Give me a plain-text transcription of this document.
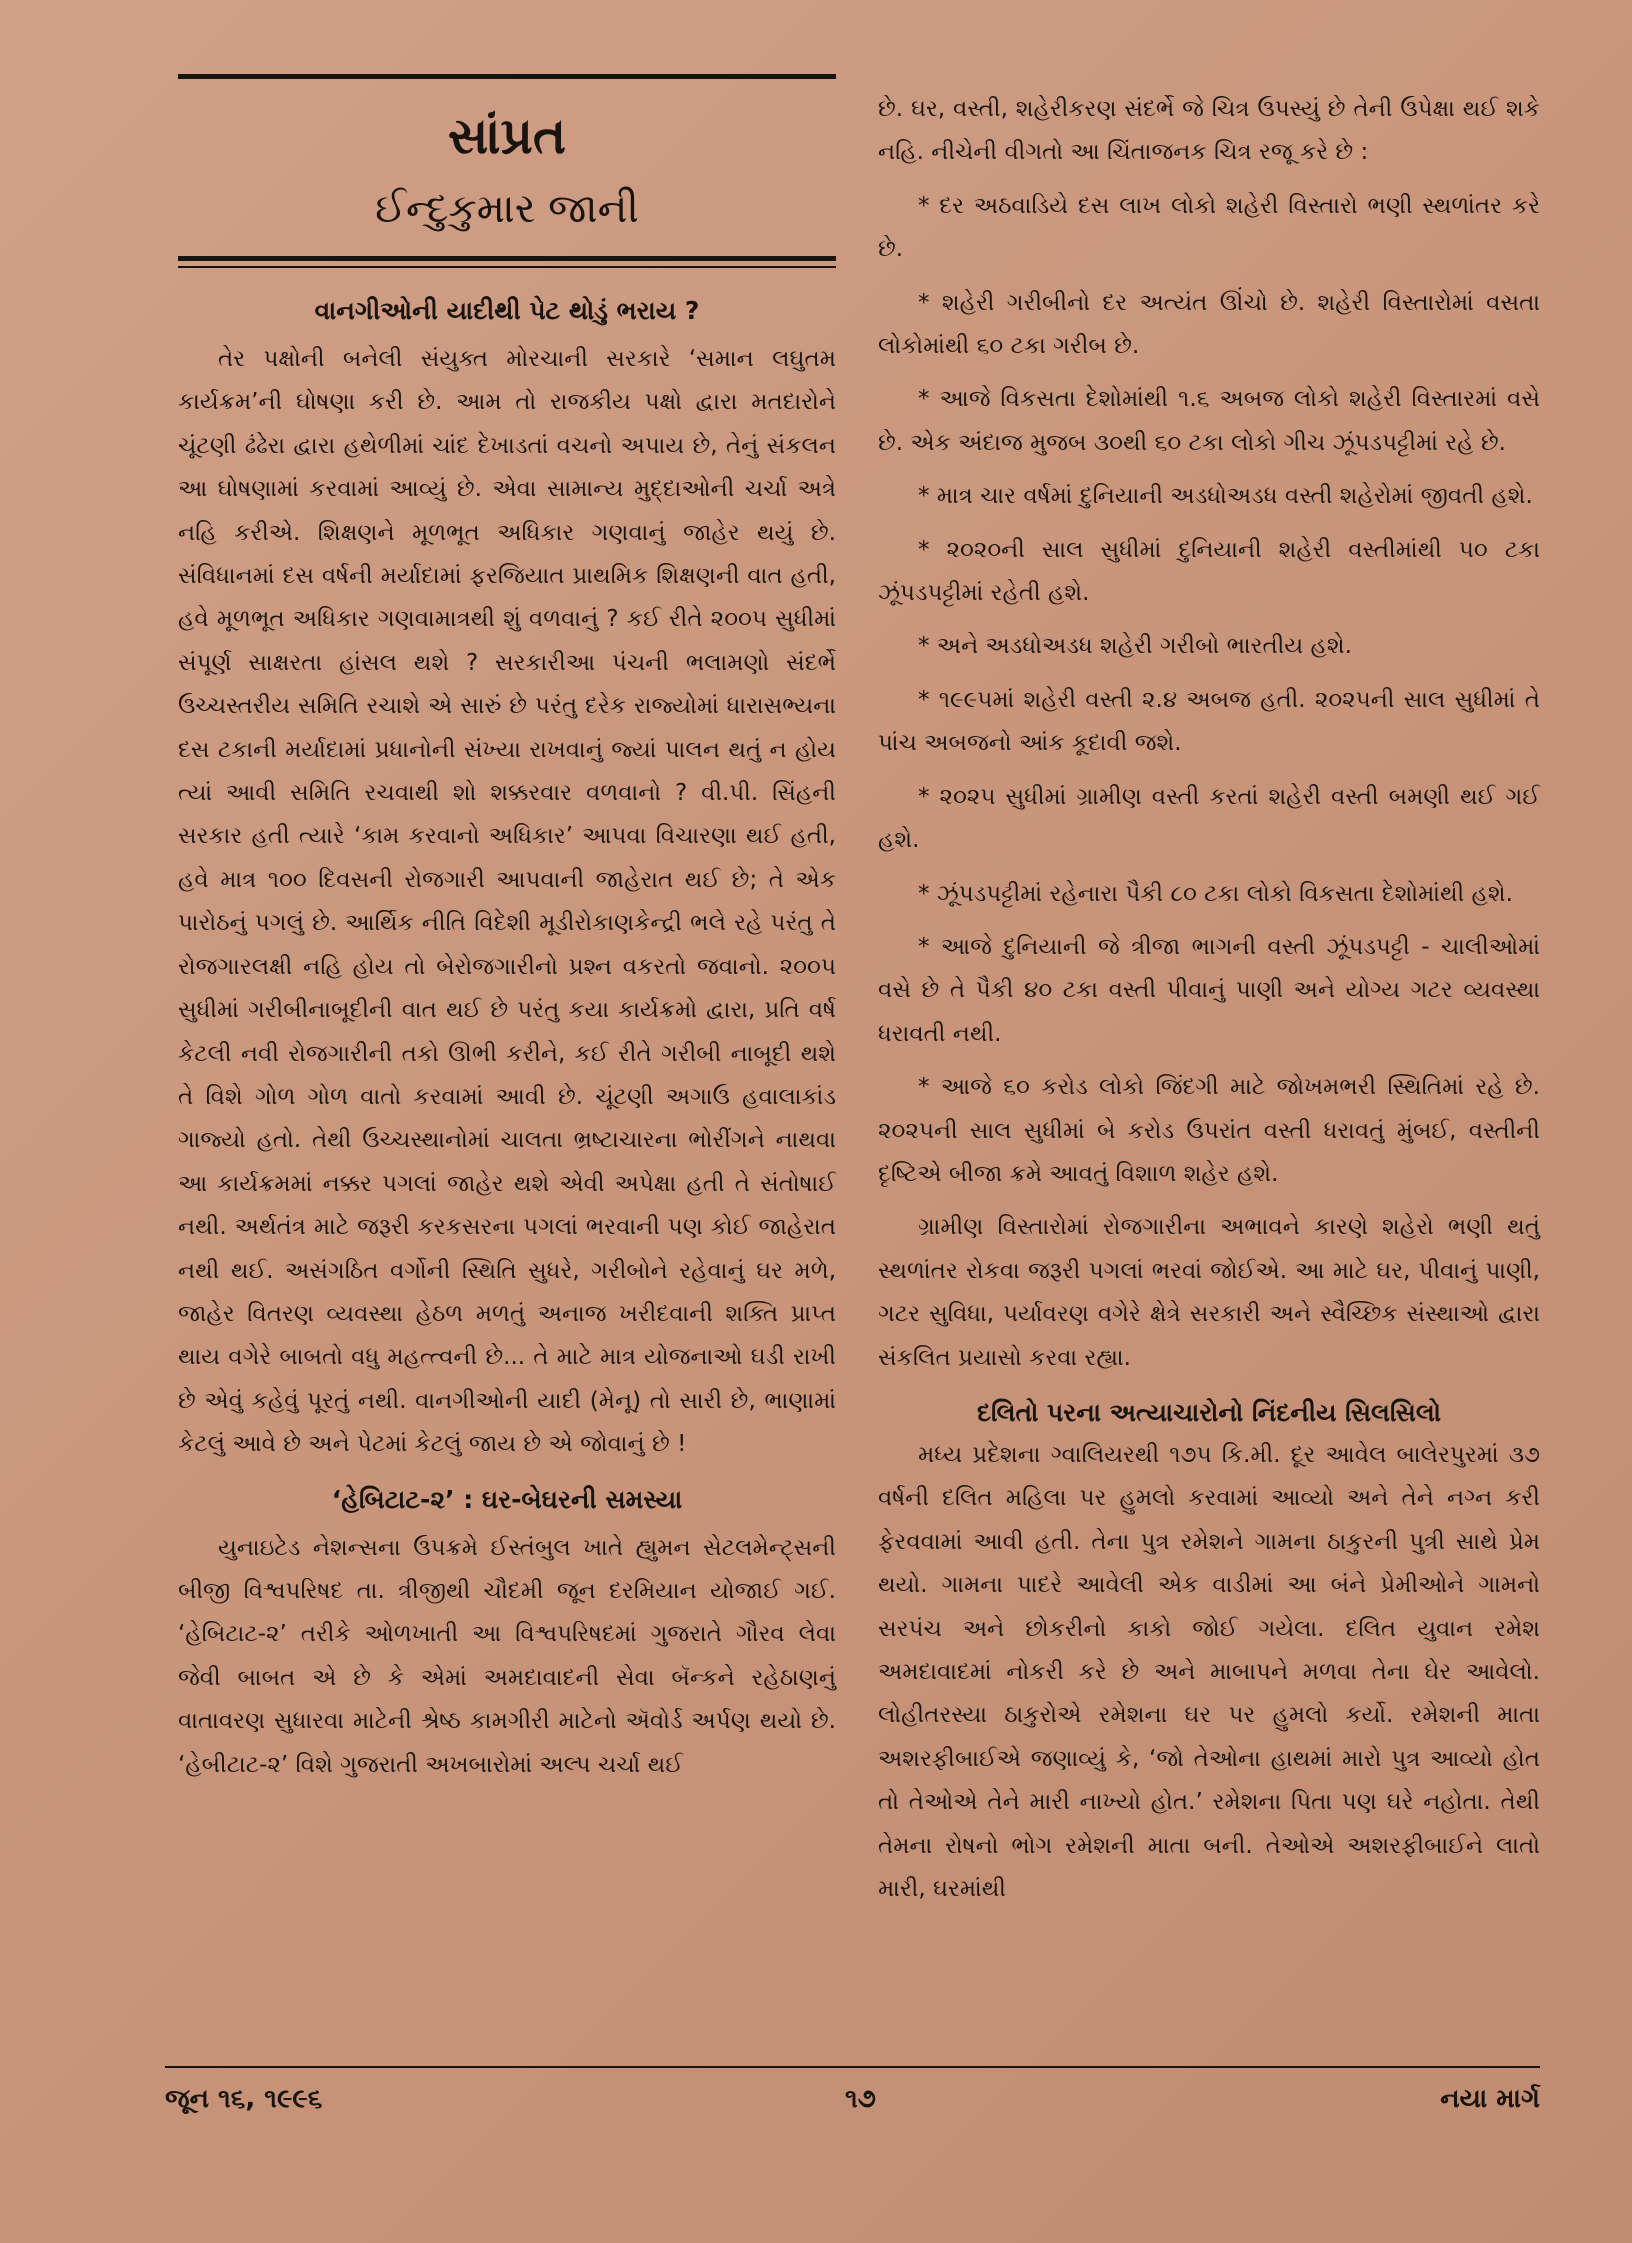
સાંપ્રત
ઈન્દુકુમાર જાની
વાનગીઓની યાદીથી પેટ થોડું ભરાય ?

તેર પક્ષોની બનેલી સંયુક્ત મોરચાની સરકારે ‘સમાન લઘુતમ કાર્યક્રમ’ની ઘોષણા કરી છે. આમ તો રાજકીય પક્ષો દ્વારા મતદારોને ચૂંટણી ઢંઢેરા દ્વારા હથેળીમાં ચાંદ દેખાડતાં વચનો અપાય છે, તેનું સંકલન આ ઘોષણામાં કરવામાં આવ્યું છે. એવા સામાન્ય મુદ્દાઓની ચર્ચા અત્રે નહિ કરીએ. શિક્ષણને મૂળભૂત અધિકાર ગણવાનું જાહેર થયું છે. સંવિધાનમાં દસ વર્ષની મર્યાદામાં ફરજિયાત પ્રાથમિક શિક્ષણની વાત હતી, હવે મૂળભૂત અધિકાર ગણવામાત્રથી શું વળવાનું ? કઈ રીતે ૨૦૦૫ સુધીમાં સંપૂર્ણ સાક્ષરતા હાંસલ થશે ? સરકારીઆ પંચની ભલામણો સંદર્ભે ઉચ્ચસ્તરીય સમિતિ રચાશે એ સારું છે પરંતુ દરેક રાજ્યોમાં ધારાસભ્યના દસ ટકાની મર્યાદામાં પ્રધાનોની સંખ્યા રાખવાનું જ્યાં પાલન થતું ન હોય ત્યાં આવી સમિતિ રચવાથી શો શક્કરવાર વળવાનો ? વી.પી. સિંહની સરકાર હતી ત્યારે ‘કામ કરવાનો અધિકાર’ આપવા વિચારણા થઈ હતી, હવે માત્ર ૧૦૦ દિવસની રોજગારી આપવાની જાહેરાત થઈ છે; તે એક પારોઠનું પગલું છે. આર્થિક નીતિ વિદેશી મૂડીરોકાણકેન્દ્રી ભલે રહે પરંતુ તે રોજગારલક્ષી નહિ હોય તો બેરોજગારીનો પ્રશ્ન વકરતો જવાનો. ૨૦૦૫ સુધીમાં ગરીબીનાબૂદીની વાત થઈ છે પરંતુ કયા કાર્યક્રમો દ્વારા, પ્રતિ વર્ષ કેટલી નવી રોજગારીની તકો ઊભી કરીને, કઈ રીતે ગરીબી નાબૂદી થશે તે વિશે ગોળ ગોળ વાતો કરવામાં આવી છે. ચૂંટણી અગાઉ હવાલાકાંડ ગાજ્યો હતો. તેથી ઉચ્ચસ્થાનોમાં ચાલતા ભ્રષ્ટાચારના ભોરીંગને નાથવા આ કાર્યક્રમમાં નક્કર પગલાં જાહેર થશે એવી અપેક્ષા હતી તે સંતોષાઈ નથી. અર્થતંત્ર માટે જરૂરી કરકસરના પગલાં ભરવાની પણ કોઈ જાહેરાત નથી થઈ. અસંગઠિત વર્ગોની સ્થિતિ સુધરે, ગરીબોને રહેવાનું ઘર મળે, જાહેર વિતરણ વ્યવસ્થા હેઠળ મળતું અનાજ ખરીદવાની શક્તિ પ્રાપ્ત થાય વગેરે બાબતો વધુ મહત્ત્વની છે... તે માટે માત્ર યોજનાઓ ઘડી રાખી છે એવું કહેવું પૂરતું નથી. વાનગીઓની યાદી (મેનૂ) તો સારી છે, ભાણામાં કેટલું આવે છે અને પેટમાં કેટલું જાય છે એ જોવાનું છે !

‘હેબિટાટ-૨’ : ઘર-બેઘરની સમસ્યા

યુનાઇટેડ નેશન્સના ઉપક્રમે ઈસ્તંબુલ ખાતે હ્યુમન સેટલમેન્ટ્સની બીજી વિશ્વપરિષદ તા. ત્રીજીથી ચૌદમી જૂન દરમિયાન યોજાઈ ગઈ. ‘હેબિટાટ-૨’ તરીકે ઓળખાતી આ વિશ્વપરિષદમાં ગુજરાતે ગૌરવ લેવા જેવી બાબત એ છે કે એમાં અમદાવાદની સેવા બૅન્કને રહેઠાણનું વાતાવરણ સુધારવા માટેની શ્રેષ્ઠ કામગીરી માટેનો ઍવોર્ડ અર્પણ થયો છે. ‘હેબીટાટ-૨’ વિશે ગુજરાતી અખબારોમાં અલ્પ ચર્ચા થઈ

છે. ઘર, વસ્તી, શહેરીકરણ સંદર્ભે જે ચિત્ર ઉપસ્યું છે તેની ઉપેક્ષા થઈ શકે નહિ. નીચેની વીગતો આ ચિંતાજનક ચિત્ર રજૂ કરે છે :

* દર અઠવાડિયે દસ લાખ લોકો શહેરી વિસ્તારો ભણી સ્થળાંતર કરે છે.

* શહેરી ગરીબીનો દર અત્યંત ઊંચો છે. શહેરી વિસ્તારોમાં વસતા લોકોમાંથી ૬૦ ટકા ગરીબ છે.

* આજે વિકસતા દેશોમાંથી ૧.૬ અબજ લોકો શહેરી વિસ્તારમાં વસે છે. એક અંદાજ મુજબ ૩૦થી ૬૦ ટકા લોકો ગીચ ઝૂંપડપટ્ટીમાં રહે છે.

* માત્ર ચાર વર્ષમાં દુનિયાની અડધોઅડધ વસ્તી શહેરોમાં જીવતી હશે.

* ૨૦૨૦ની સાલ સુધીમાં દુનિયાની શહેરી વસ્તીમાંથી ૫૦ ટકા ઝૂંપડપટ્ટીમાં રહેતી હશે.

* અને અડધોઅડધ શહેરી ગરીબો ભારતીય હશે.

* ૧૯૯૫માં શહેરી વસ્તી ૨.૪ અબજ હતી. ૨૦૨૫ની સાલ સુધીમાં તે પાંચ અબજનો આંક કૂદાવી જશે.

* ૨૦૨૫ સુધીમાં ગ્રામીણ વસ્તી કરતાં શહેરી વસ્તી બમણી થઈ ગઈ હશે.

* ઝૂંપડપટ્ટીમાં રહેનારા પૈકી ૮૦ ટકા લોકો વિકસતા દેશોમાંથી હશે.

* આજે દુનિયાની જે ત્રીજા ભાગની વસ્તી ઝૂંપડપટ્ટી - ચાલીઓમાં વસે છે તે પૈકી ૪૦ ટકા વસ્તી પીવાનું પાણી અને યોગ્ય ગટર વ્યવસ્થા ધરાવતી નથી.

* આજે ૬૦ કરોડ લોકો જિંદગી માટે જોખમભરી સ્થિતિમાં રહે છે. ૨૦૨૫ની સાલ સુધીમાં બે કરોડ ઉપરાંત વસ્તી ધરાવતું મુંબઈ, વસ્તીની દૃષ્ટિએ બીજા ક્રમે આવતું વિશાળ શહેર હશે.

ગ્રામીણ વિસ્તારોમાં રોજગારીના અભાવને કારણે શહેરો ભણી થતું સ્થળાંતર રોકવા જરૂરી પગલાં ભરવાં જોઈએ. આ માટે ઘર, પીવાનું પાણી, ગટર સુવિધા, પર્યાવરણ વગેરે ક્ષેત્રે સરકારી અને સ્વૈચ્છિક સંસ્થાઓ દ્વારા સંકલિત પ્રયાસો કરવા રહ્યા.

દલિતો પરના અત્યાચારોનો નિંદનીય સિલસિલો

મધ્ય પ્રદેશના ગ્વાલિયરથી ૧૭૫ કિ.મી. દૂર આવેલ બાલેરપુરમાં ૩૭ વર્ષની દલિત મહિલા પર હુમલો કરવામાં આવ્યો અને તેને નગ્ન કરી ફેરવવામાં આવી હતી. તેના પુત્ર રમેશને ગામના ઠાકુરની પુત્રી સાથે પ્રેમ થયો. ગામના પાદરે આવેલી એક વાડીમાં આ બંને પ્રેમીઓને ગામનો સરપંચ અને છોકરીનો કાકો જોઈ ગયેલા. દલિત યુવાન રમેશ અમદાવાદમાં નોકરી કરે છે અને માબાપને મળવા તેના ઘેર આવેલો. લોહીતરસ્યા ઠાકુરોએ રમેશના ઘર પર હુમલો કર્યો. રમેશની માતા અશરફીબાઈએ જણાવ્યું કે, ‘જો તેઓના હાથમાં મારો પુત્ર આવ્યો હોત તો તેઓએ તેને મારી નાખ્યો હોત.’ રમેશના પિતા પણ ઘરે નહોતા. તેથી તેમના રોષનો ભોગ રમેશની માતા બની. તેઓએ અશરફીબાઈને લાતો મારી, ઘરમાંથી

જૂન ૧૬, ૧૯૯૬	૧૭	નયા માર્ગ
